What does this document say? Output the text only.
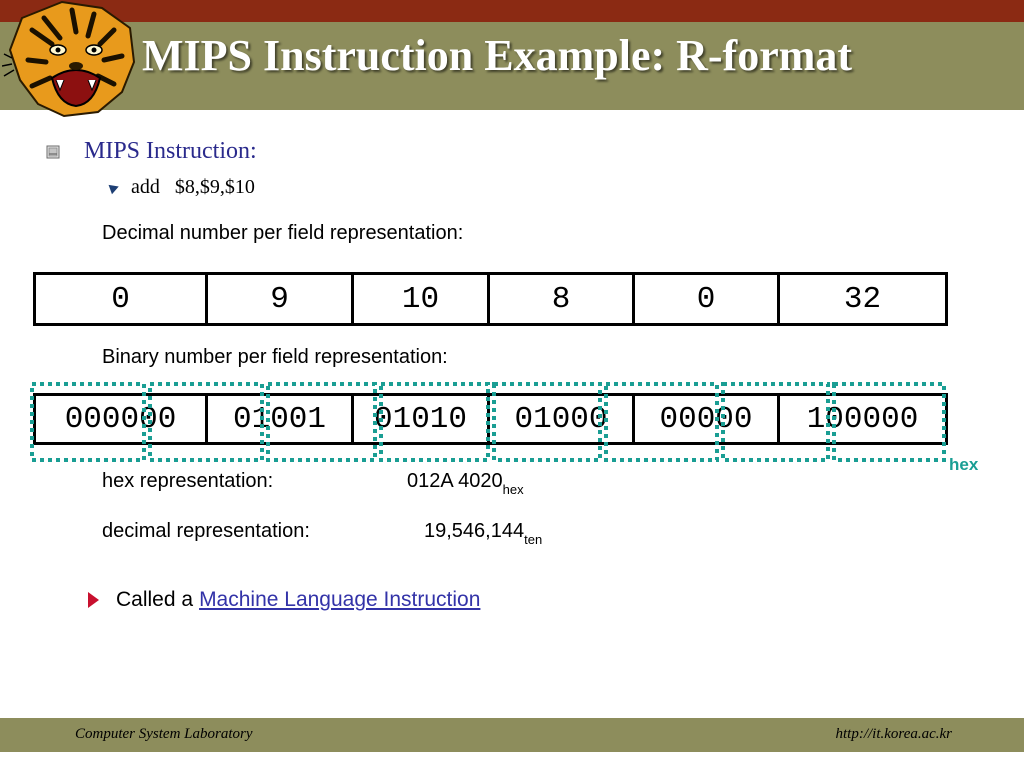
MIPS Instruction Example: R-format
MIPS Instruction:
add   $8,$9,$10
Decimal number per field representation:
0	9	10	8	0	32
Binary number per field representation:
000000	01001	01010	01000	00000	100000
hex
hex representation:	012A $4020_{hex}$
decimal representation:	$19,546,144_{ten}$
Called a Machine Language Instruction
Computer System Laboratory	http://it.korea.ac.kr
